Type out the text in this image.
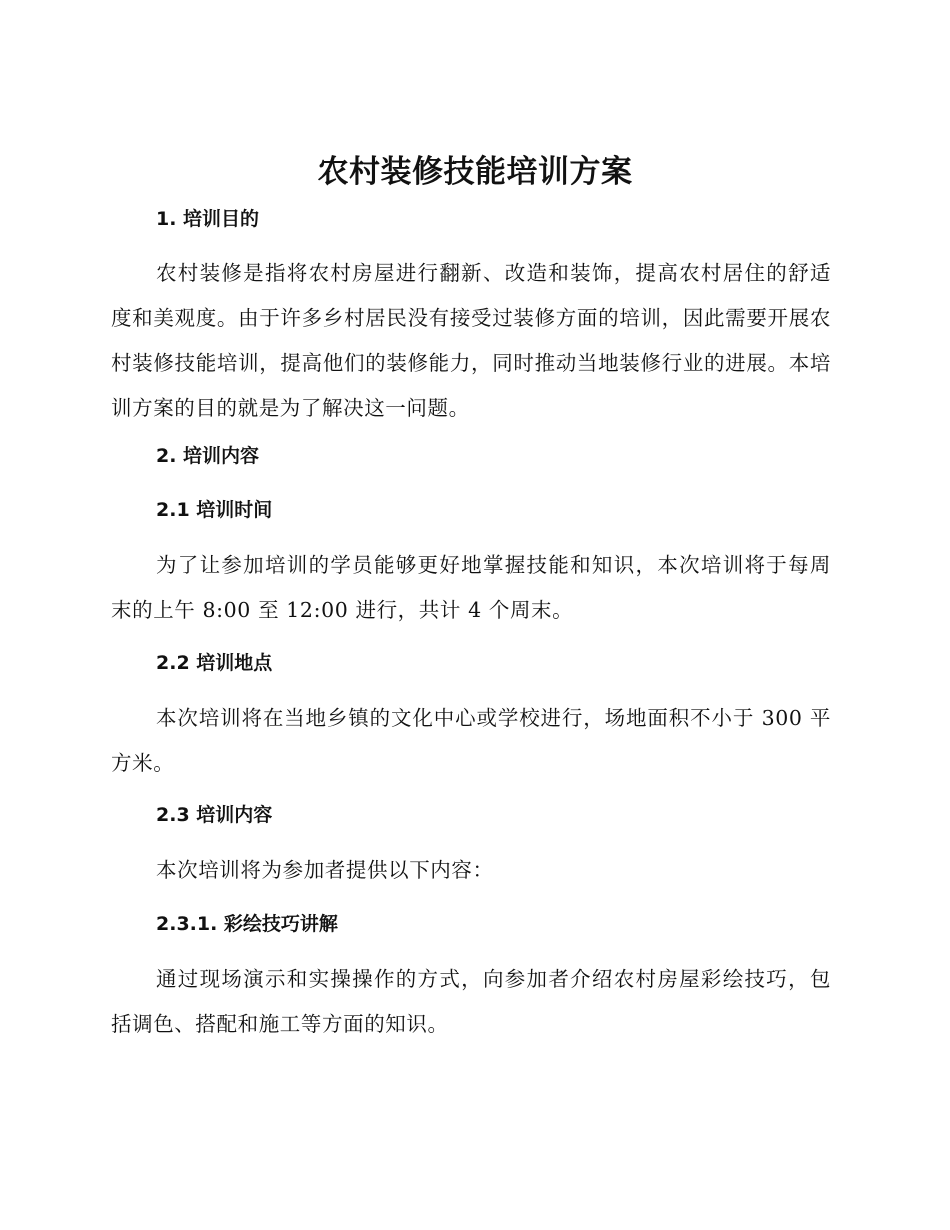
农村装修技能培训方案
1. 培训目的

农村装修是指将农村房屋进行翻新、改造和装饰，提高农村居住的舒适度和美观度。由于许多乡村居民没有接受过装修方面的培训，因此需要开展农村装修技能培训，提高他们的装修能力，同时推动当地装修行业的进展。本培训方案的目的就是为了解决这一问题。

2. 培训内容
2.1 培训时间

为了让参加培训的学员能够更好地掌握技能和知识，本次培训将于每周末的上午 8:00 至 12:00 进行，共计 4 个周末。

2.2 培训地点

本次培训将在当地乡镇的文化中心或学校进行，场地面积不小于 300 平方米。

2.3 培训内容

本次培训将为参加者提供以下内容：

2.3.1. 彩绘技巧讲解

通过现场演示和实操操作的方式，向参加者介绍农村房屋彩绘技巧，包括调色、搭配和施工等方面的知识。
